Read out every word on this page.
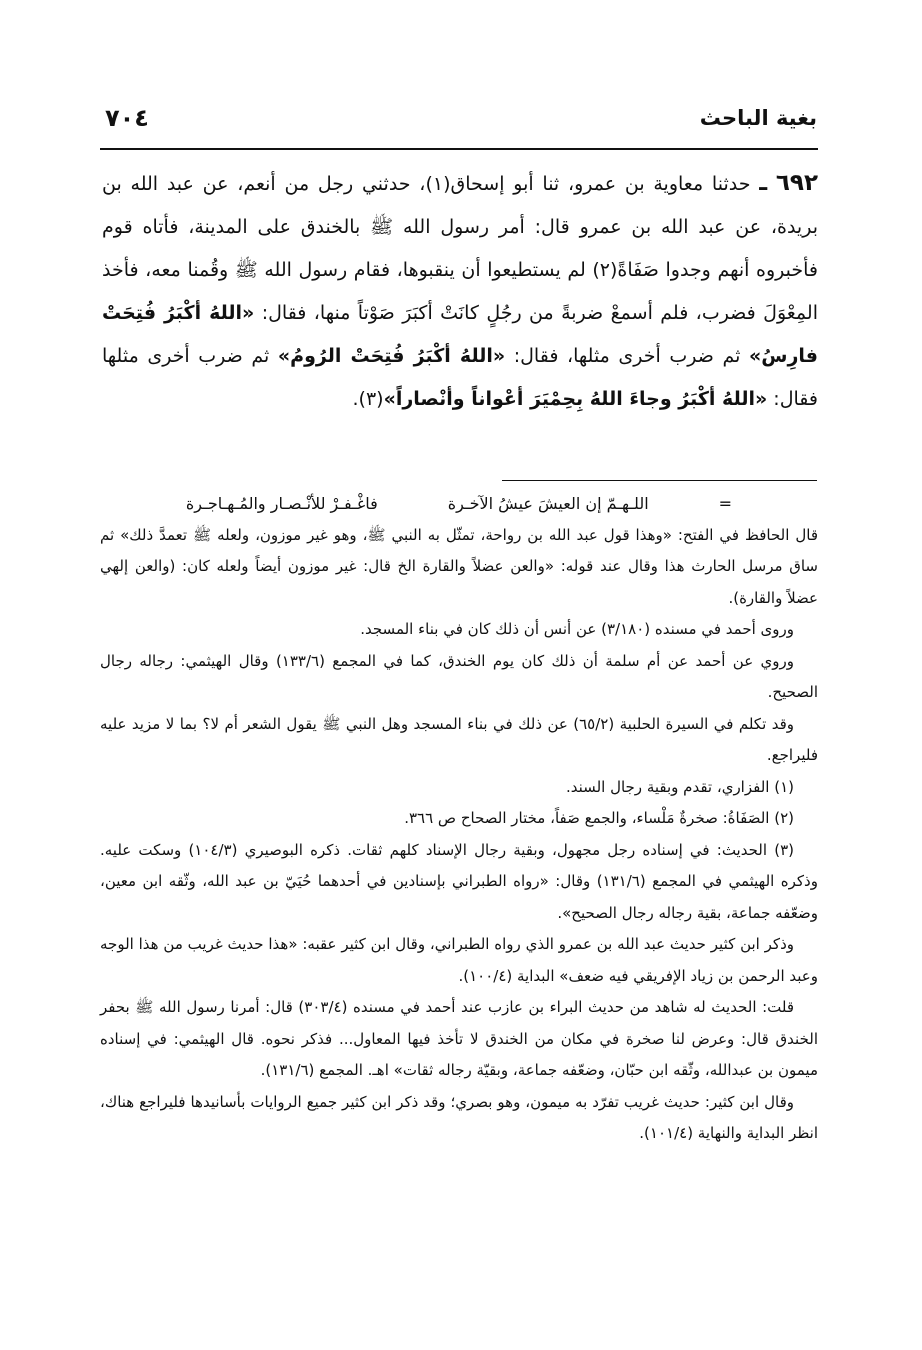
بغية الباحث
٧٠٤
٦٩٢ ـ حدثنا معاوية بن عمرو، ثنا أبو إسحاق(١)، حدثني رجل من أنعم، عن عبد الله بن بريدة، عن عبد الله بن عمرو قال: أمر رسول الله ﷺ بالخندق على المدينة، فأتاه قوم فأخبروه أنهم وجدوا صَفَاةً(٢) لم يستطيعوا أن ينقبوها، فقام رسول الله ﷺ وقُمنا معه، فأخذ المِعْوَلَ فضرب، فلم أسمعْ ضربةً من رجُلٍ كانَتْ أكبَرَ صَوْتاً منها، فقال: «اللهُ أكْبَرُ فُتِحَتْ فارِسُ» ثم ضرب أخرى مثلها، فقال: «اللهُ أكْبَرُ فُتِحَتْ الرُومُ» ثم ضرب أخرى مثلها فقال: «اللهُ أكْبَرُ وجاءَ اللهُ بِحِمْيَرَ أعْواناً وأنْصاراً»(٣).
=
اللـهـمّ إن العيشَ عيشُ الآخـرة
فاغْـفـرْ للأنْـصـار والمُـهـاجـرة

قال الحافظ في الفتح: «وهذا قول عبد الله بن رواحة، تمثّل به النبي ﷺ، وهو غير موزون، ولعله ﷺ تعمدَّ ذلك» ثم ساق مرسل الحارث هذا وقال عند قوله: «والعن عضلاً والقارة الخ قال: غير موزون أيضاً ولعله كان: (والعن إلهي عضلاً والقارة).

وروى أحمد في مسنده (٣/١٨٠) عن أنس أن ذلك كان في بناء المسجد.

وروي عن أحمد عن أم سلمة أن ذلك كان يوم الخندق، كما في المجمع (١٣٣/٦) وقال الهيثمي: رجاله رجال الصحيح.

وقد تكلم في السيرة الحلبية (٦٥/٢) عن ذلك في بناء المسجد وهل النبي ﷺ يقول الشعر أم لا؟ بما لا مزيد عليه فليراجع.

(١) الفزاري، تقدم وبقية رجال السند.

(٢) الصَفَاةُ: صخرةٌ مَلْساء، والجمع صَفاً، مختار الصحاح ص ٣٦٦.

(٣) الحديث: في إسناده رجل مجهول، وبقية رجال الإسناد كلهم ثقات. ذكره البوصيري (١٠٤/٣) وسكت عليه. وذكره الهيثمي في المجمع (١٣١/٦) وقال: «رواه الطبراني بإسنادين في أحدهما حُيَيّ بن عبد الله، وثّقه ابن معين، وضعّفه جماعة، بقية رجاله رجال الصحيح».

وذكر ابن كثير حديث عبد الله بن عمرو الذي رواه الطبراني، وقال ابن كثير عقبه: «هذا حديث غريب من هذا الوجه وعبد الرحمن بن زياد الإفريقي فيه ضعف» البداية (١٠٠/٤).

قلت: الحديث له شاهد من حديث البراء بن عازب عند أحمد في مسنده (٣٠٣/٤) قال: أمرنا رسول الله ﷺ بحفر الخندق قال: وعرض لنا صخرة في مكان من الخندق لا تأخذ فيها المعاول... فذكر نحوه. قال الهيثمي: في إسناده ميمون بن عبدالله، وثّقه ابن حبّان، وضعّفه جماعة، وبقيّة رجاله ثقات» اهـ. المجمع (١٣١/٦).

وقال ابن كثير: حديث غريب تفرّد به ميمون، وهو بصري؛ وقد ذكر ابن كثير جميع الروايات بأسانيدها فليراجع هناك، انظر البداية والنهاية (١٠١/٤).
